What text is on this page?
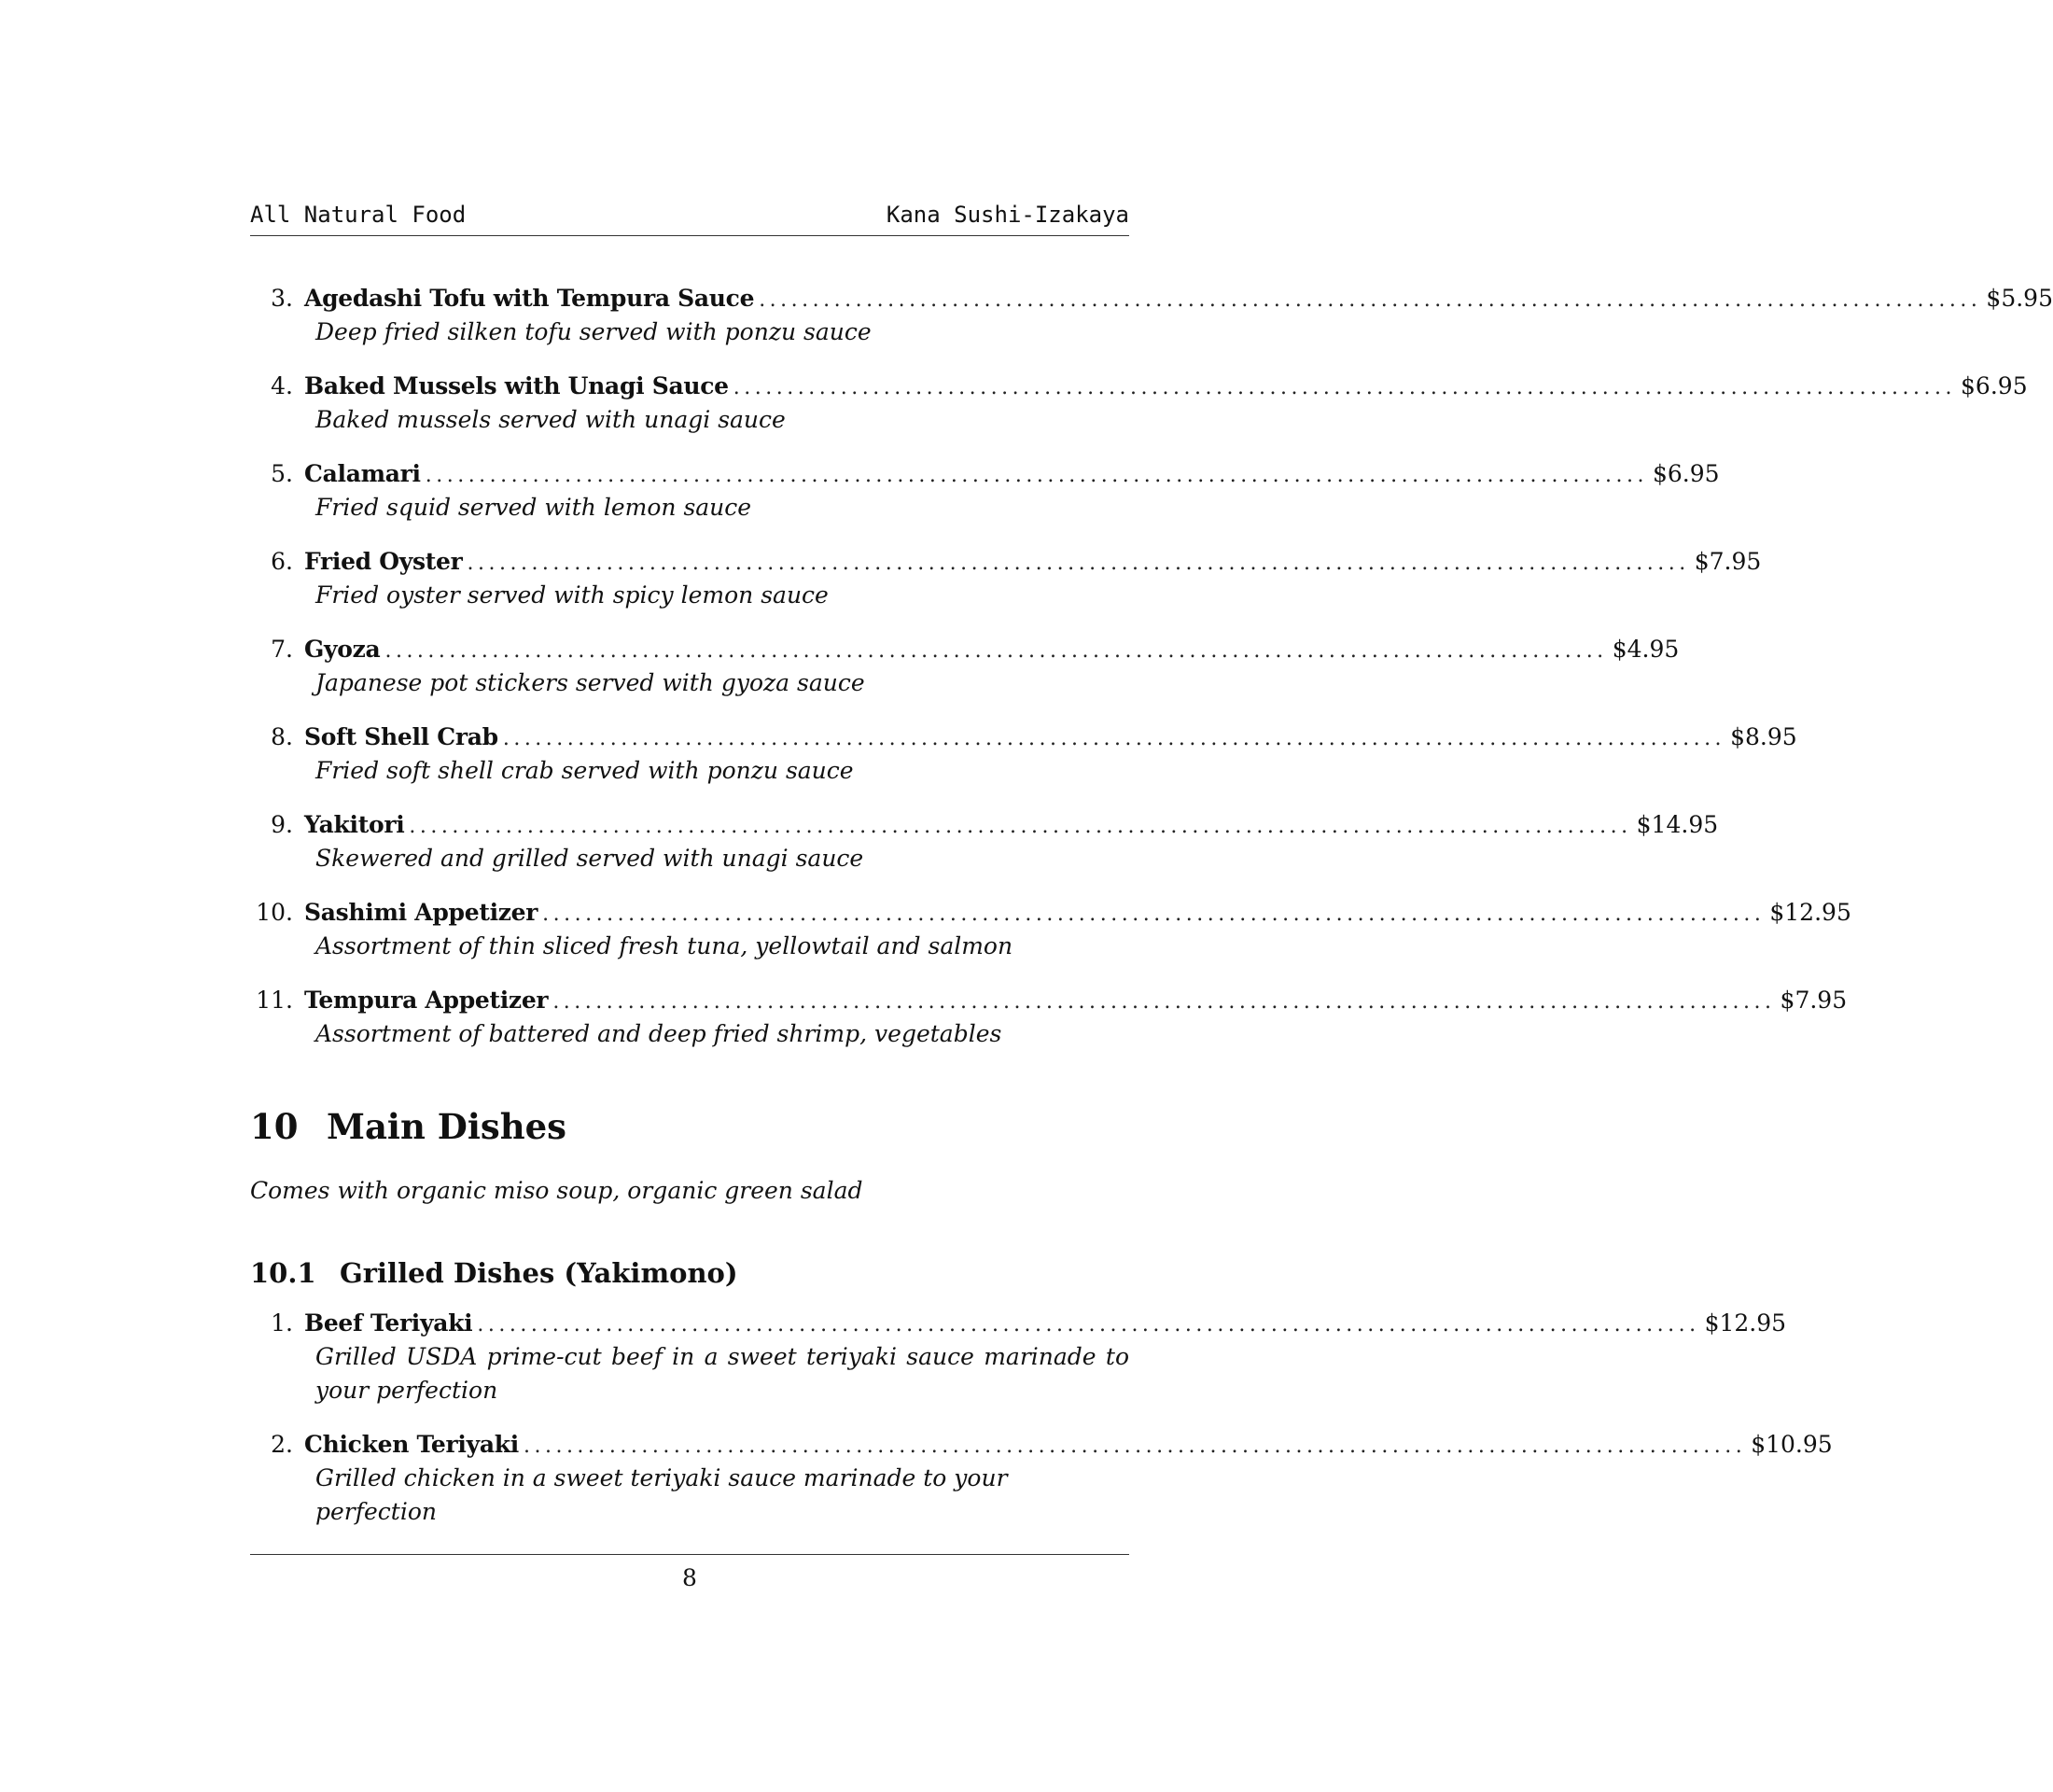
All Natural Food	Kana Sushi-Izakaya
3. Agedashi Tofu with Tempura Sauce .................................................................................................................. $5.95
Deep fried silken tofu served with ponzu sauce
4. Baked Mussels with Unagi Sauce .................................................................................................................. $6.95
Baked mussels served with unagi sauce
5. Calamari .................................................................................................................. $6.95
Fried squid served with lemon sauce
6. Fried Oyster .................................................................................................................. $7.95
Fried oyster served with spicy lemon sauce
7. Gyoza .................................................................................................................. $4.95
Japanese pot stickers served with gyoza sauce
8. Soft Shell Crab .................................................................................................................. $8.95
Fried soft shell crab served with ponzu sauce
9. Yakitori .................................................................................................................. $14.95
Skewered and grilled served with unagi sauce
10. Sashimi Appetizer .................................................................................................................. $12.95
Assortment of thin sliced fresh tuna, yellowtail and salmon
11. Tempura Appetizer .................................................................................................................. $7.95
Assortment of battered and deep fried shrimp, vegetables
10 Main Dishes
Comes with organic miso soup, organic green salad
10.1 Grilled Dishes (Yakimono)
1. Beef Teriyaki .................................................................................................................. $12.95
Grilled USDA prime-cut beef in a sweet teriyaki sauce marinade to your perfection
2. Chicken Teriyaki .................................................................................................................. $10.95
Grilled chicken in a sweet teriyaki sauce marinade to your perfection
8
